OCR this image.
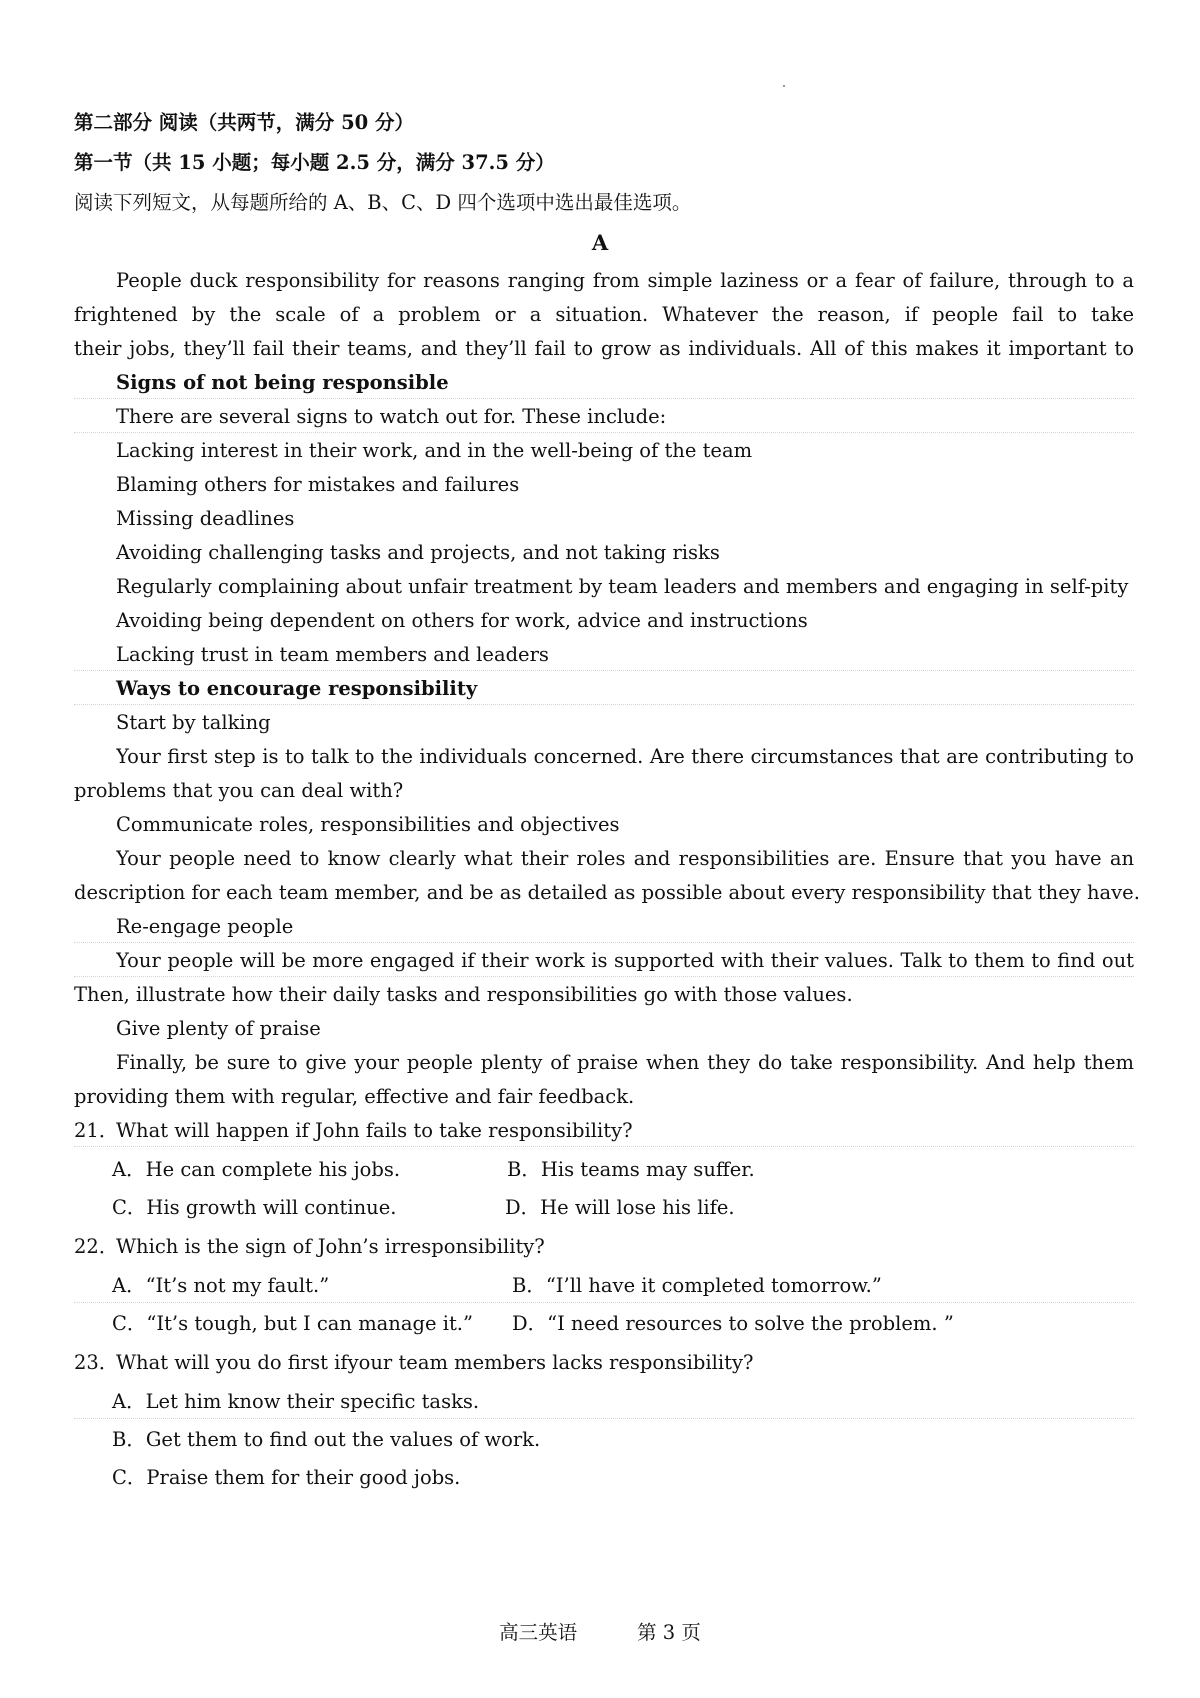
第二部分 阅读（共两节，满分 50 分）
第一节（共 15 小题；每小题 2.5 分，满分 37.5 分）
阅读下列短文，从每题所给的 A、B、C、D 四个选项中选出最佳选项。
A
People duck responsibility for reasons ranging from simple laziness or a fear of failure, through to a
frightened by the scale of a problem or a situation. Whatever the reason, if people fail to take
their jobs, they’ll fail their teams, and they’ll fail to grow as individuals. All of this makes it important to
Signs of not being responsible
There are several signs to watch out for. These include:
Lacking interest in their work, and in the well-being of the team
Blaming others for mistakes and failures
Missing deadlines
Avoiding challenging tasks and projects, and not taking risks
Regularly complaining about unfair treatment by team leaders and members and engaging in self-pity
Avoiding being dependent on others for work, advice and instructions
Lacking trust in team members and leaders
Ways to encourage responsibility
Start by talking
Your first step is to talk to the individuals concerned. Are there circumstances that are contributing to
problems that you can deal with?
Communicate roles, responsibilities and objectives
Your people need to know clearly what their roles and responsibilities are. Ensure that you have an
description for each team member, and be as detailed as possible about every responsibility that they have.
Re-engage people
Your people will be more engaged if their work is supported with their values. Talk to them to find out
Then, illustrate how their daily tasks and responsibilities go with those values.
Give plenty of praise
Finally, be sure to give your people plenty of praise when they do take responsibility. And help them
providing them with regular, effective and fair feedback.
21．What will happen if John fails to take responsibility?
A．He can complete his jobs.	B．His teams may suffer.
C．His growth will continue.	D．He will lose his life.
22．Which is the sign of John’s irresponsibility?
A．“It’s not my fault.”	B．“I’ll have it completed tomorrow.”
C．“It’s tough, but I can manage it.” D．“I need resources to solve the problem. ”
23．What will you do first ifyour team members lacks responsibility?
A．Let him know their specific tasks.
B．Get them to find out the values of work.
C．Praise them for their good jobs.
高三英语	第 3 页
